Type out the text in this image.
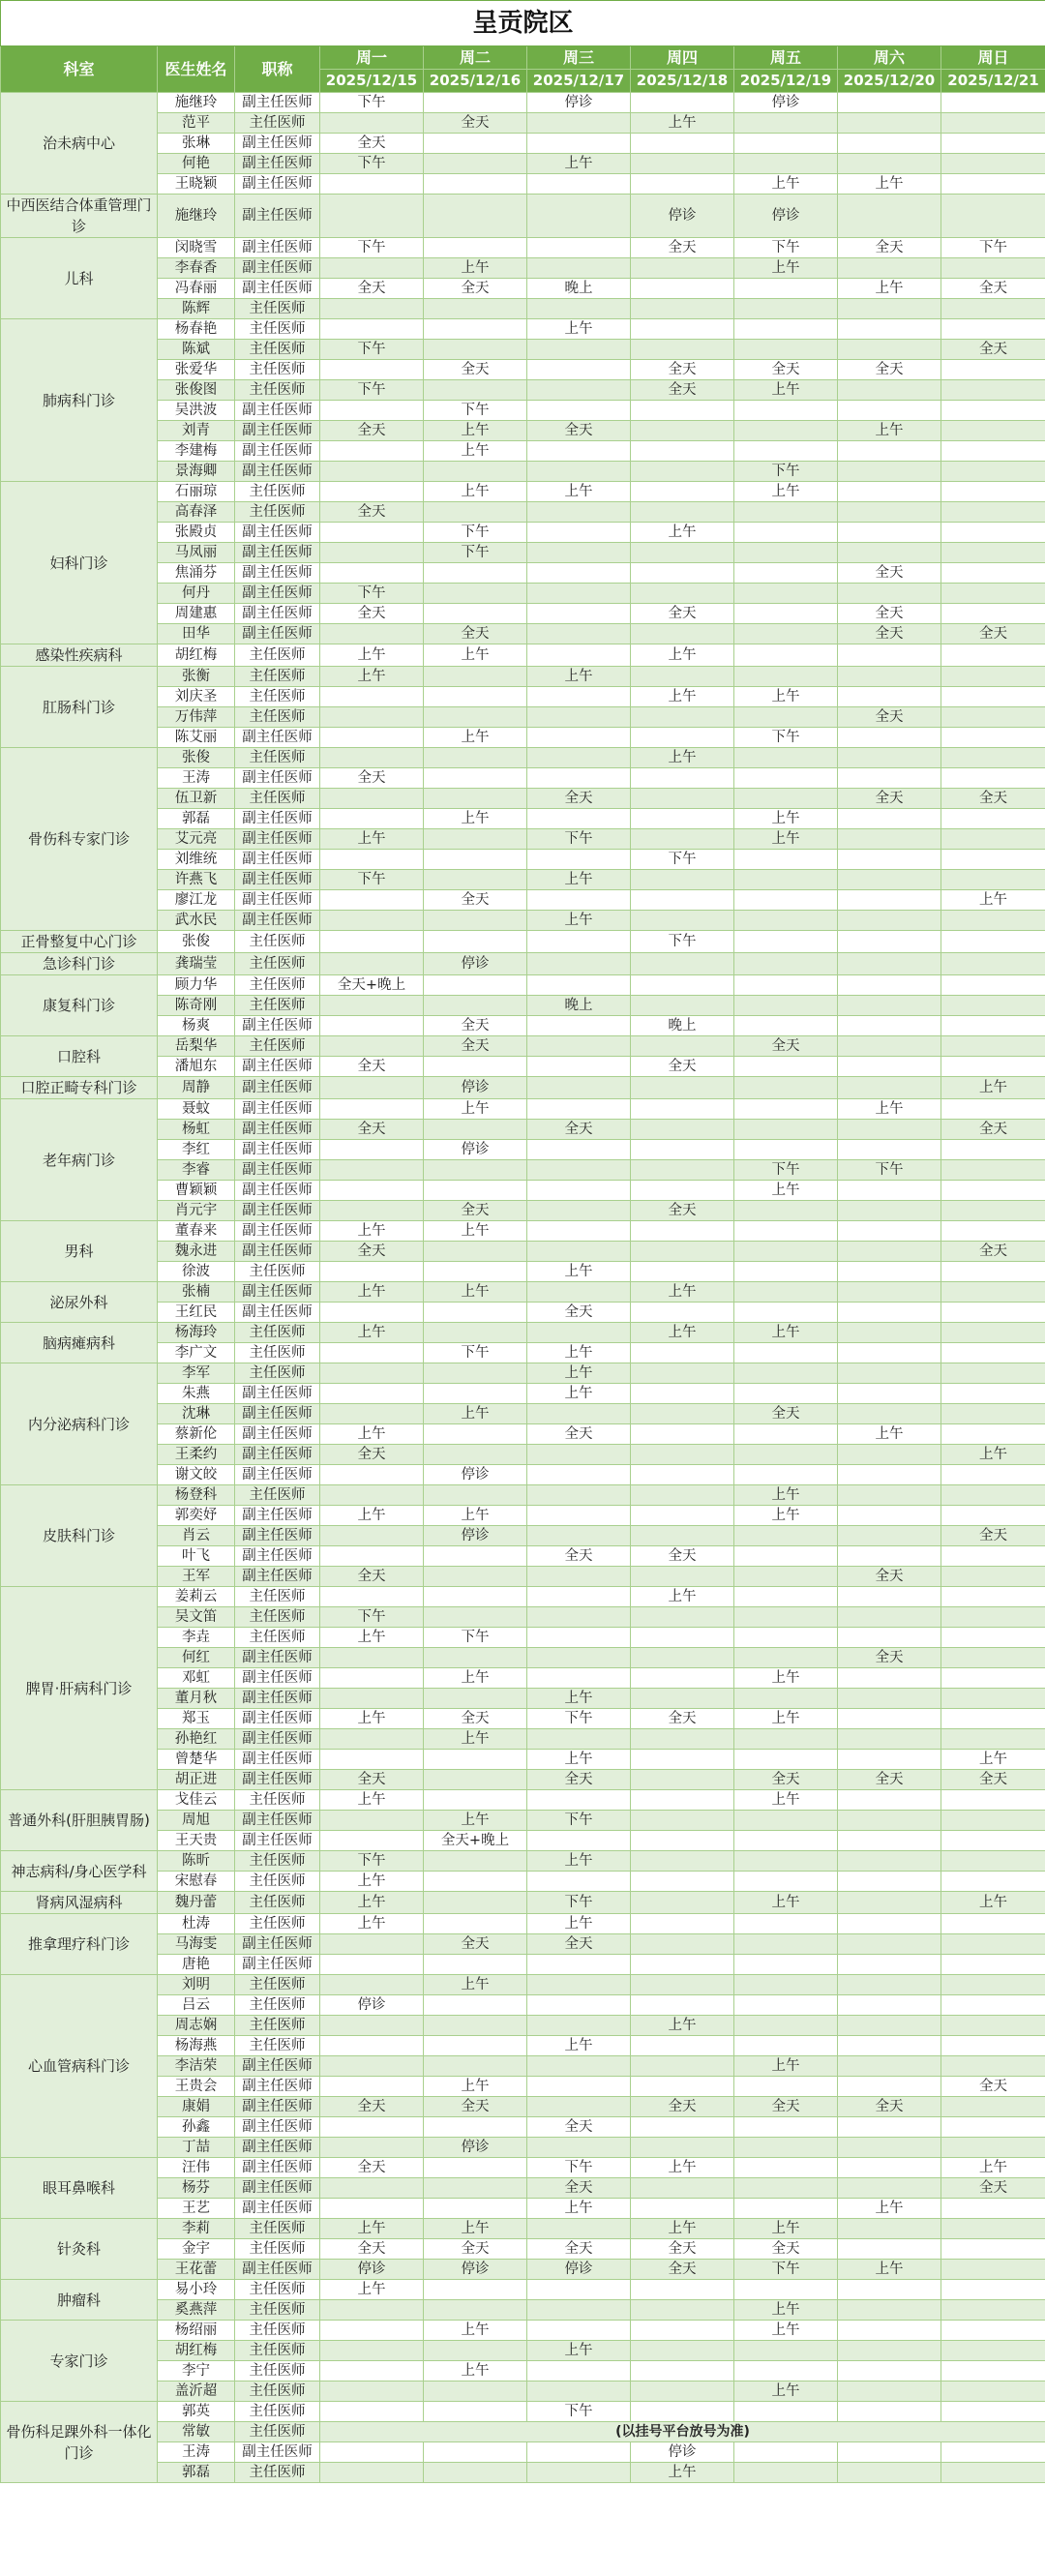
呈贡院区									
科室	医生姓名	职称	周一	周二	周三	周四	周五	周六	周日
			2025/12/15	2025/12/16	2025/12/17	2025/12/18	2025/12/19	2025/12/20	2025/12/21
治未病中心	施继玲	副主任医师	下午		停诊		停诊		
	范平	主任医师		全天		上午			
	张琳	副主任医师	全天						
	何艳	副主任医师	下午		上午				
	王晓颖	副主任医师					上午	上午	
中西医结合体重管理门诊	施继玲	副主任医师				停诊	停诊		
儿科	闵晓雪	副主任医师	下午			全天	下午	全天	下午
	李春香	副主任医师		上午			上午		
	冯春丽	副主任医师	全天	全天	晚上			上午	全天
	陈辉	主任医师							
肺病科门诊	杨春艳	主任医师			上午				
	陈斌	主任医师	下午						全天
	张爱华	主任医师		全天		全天	全天	全天	
	张俊图	主任医师	下午			全天	上午		
	吴洪波	副主任医师		下午					
	刘青	副主任医师	全天	上午	全天			上午	
	李建梅	副主任医师		上午					
	景海卿	副主任医师					下午		
妇科门诊	石丽琼	主任医师		上午	上午		上午		
	高春泽	主任医师	全天						
	张殿贞	副主任医师		下午		上午			
	马凤丽	副主任医师		下午					
	焦涌芬	副主任医师						全天	
	何丹	副主任医师	下午						
	周建惠	副主任医师	全天			全天		全天	
	田华	副主任医师		全天				全天	全天
感染性疾病科	胡红梅	主任医师	上午	上午		上午			
肛肠科门诊	张衡	主任医师	上午		上午				
	刘庆圣	主任医师				上午	上午		
	万伟萍	主任医师						全天	
	陈艾丽	副主任医师		上午			下午		
骨伤科专家门诊	张俊	主任医师				上午			
	王涛	副主任医师	全天						
	伍卫新	主任医师			全天			全天	全天
	郭磊	副主任医师		上午			上午		
	艾元亮	副主任医师	上午		下午		上午		
	刘维统	副主任医师				下午			
	许燕飞	副主任医师	下午		上午				
	廖江龙	副主任医师		全天					上午
	武水民	副主任医师			上午				
正骨整复中心门诊	张俊	主任医师				下午			
急诊科门诊	龚瑞莹	主任医师		停诊					
康复科门诊	顾力华	主任医师	全天+晚上						
	陈奇刚	主任医师			晚上				
	杨爽	副主任医师		全天		晚上			
口腔科	岳梨华	主任医师		全天			全天		
	潘旭东	副主任医师	全天			全天			
口腔正畸专科门诊	周静	副主任医师		停诊					上午
老年病门诊	聂蚊	副主任医师		上午				上午	
	杨虹	副主任医师	全天		全天				全天
	李红	副主任医师		停诊					
	李睿	副主任医师					下午	下午	
	曹颖颖	副主任医师					上午		
	肖元宇	副主任医师		全天		全天			
男科	董春来	副主任医师	上午	上午					
	魏永进	副主任医师	全天						全天
	徐波	主任医师			上午				
泌尿外科	张楠	副主任医师	上午	上午		上午			
	王红民	副主任医师			全天				
脑病瘫病科	杨海玲	主任医师	上午			上午	上午		
	李广文	主任医师		下午	上午				
内分泌病科门诊	李军	主任医师			上午				
	朱燕	副主任医师			上午				
	沈琳	副主任医师		上午			全天		
	蔡新伦	副主任医师	上午		全天			上午	
	王柔约	副主任医师	全天						上午
	谢文皎	副主任医师		停诊					
皮肤科门诊	杨登科	主任医师					上午		
	郭奕妤	副主任医师	上午	上午			上午		
	肖云	副主任医师		停诊					全天
	叶飞	副主任医师			全天	全天			
	王军	副主任医师	全天					全天	
脾胃·肝病科门诊	姜莉云	主任医师				上午			
	吴文笛	主任医师	下午						
	李垚	主任医师	上午	下午					
	何红	副主任医师						全天	
	邓虹	副主任医师		上午			上午		
	董月秋	副主任医师			上午				
	郑玉	副主任医师	上午	全天	下午	全天	上午		
	孙艳红	副主任医师		上午					
	曾楚华	副主任医师			上午				上午
	胡正进	副主任医师	全天		全天		全天	全天	全天
普通外科(肝胆胰胃肠)	戈佳云	主任医师	上午				上午		
	周旭	副主任医师		上午	下午				
	王天贵	副主任医师		全天+晚上					
神志病科/身心医学科	陈昕	主任医师	下午		上午				
	宋慰春	主任医师	上午						
肾病风湿病科	魏丹蕾	主任医师	上午		下午		上午		上午
推拿理疗科门诊	杜涛	主任医师	上午		上午				
	马海雯	副主任医师		全天	全天				
	唐艳	副主任医师							
心血管病科门诊	刘明	主任医师		上午					
	吕云	主任医师	停诊						
	周志娴	主任医师				上午			
	杨海燕	主任医师			上午				
	李洁荣	副主任医师					上午		
	王贵会	副主任医师		上午					全天
	康娟	副主任医师	全天	全天		全天	全天	全天	
	孙鑫	副主任医师			全天				
	丁喆	副主任医师		停诊					
眼耳鼻喉科	汪伟	副主任医师	全天		下午	上午			上午
	杨芬	副主任医师			全天				全天
	王艺	副主任医师			上午			上午	
针灸科	李莉	主任医师	上午	上午		上午	上午		
	金宇	主任医师	全天	全天	全天	全天	全天		
	王花蕾	副主任医师	停诊	停诊	停诊	全天	下午	上午	
肿瘤科	易小玲	主任医师	上午						
	奚燕萍	主任医师					上午		
专家门诊	杨绍丽	主任医师		上午			上午		
	胡红梅	主任医师			上午				
	李宁	主任医师		上午					
	盖沂超	主任医师					上午		
骨伤科足踝外科一体化门诊	郭英	主任医师			下午				
	常敏	主任医师	(以挂号平台放号为准)						
	王涛	副主任医师				停诊			
	郭磊	主任医师				上午			
